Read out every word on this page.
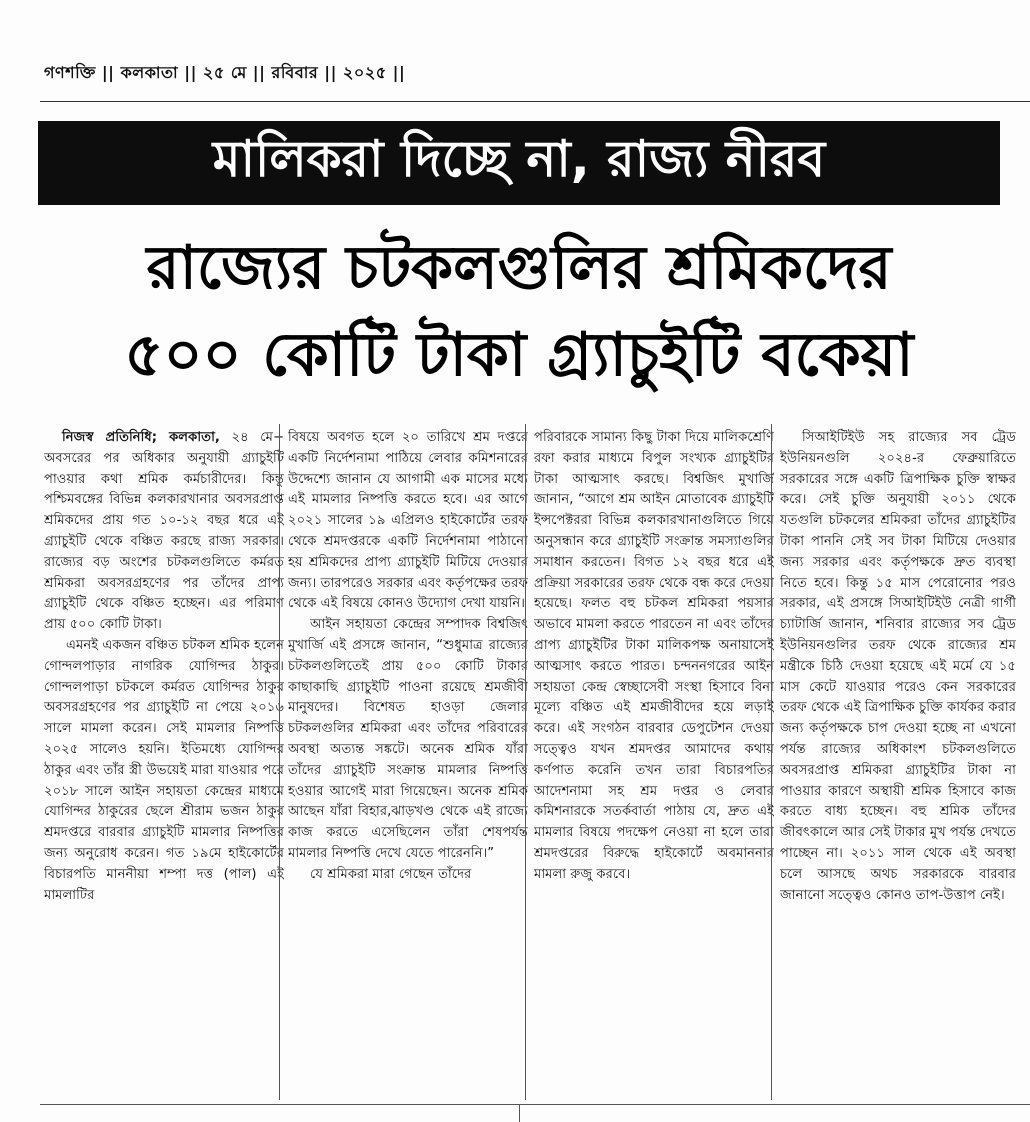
গণশক্তি || কলকাতা || ২৫ মে || রবিবার || ২০২৫ ||
মালিকরা দিচ্ছে না, রাজ্য নীরব
রাজ্যের চটকলগুলির শ্রমিকদের
৫০০ কোটি টাকা গ্র্যাচুইটি বকেয়া

নিজস্ব প্রতিনিধি; কলকাতা, ২৪ মে− অবসরের পর অধিকার অনুযায়ী গ্র্যাচুইটি পাওয়ার কথা শ্রমিক কর্মচারীদের। কিন্তু পশ্চিমবঙ্গের বিভিন্ন কলকারখানার অবসরপ্রাপ্ত শ্রমিকদের প্রায় গত ১০-১২ বছর ধরে এই গ্র্যাচুইটি থেকে বঞ্চিত করছে রাজ্য সরকার। রাজ্যের বড় অংশের চটকলগুলিতে কর্মরত শ্রমিকরা অবসরগ্রহণের পর তাঁদের প্রাপ্য গ্র্যাচুইটি থেকে বঞ্চিত হচ্ছেন। এর পরিমাণ প্রায় ৫০০ কোটি টাকা।

এমনই একজন বঞ্চিত চটকল শ্রমিক হলেন গোন্দলপাড়ার নাগরিক যোগিন্দর ঠাকুর। গোন্দলপাড়া চটকলে কর্মরত যোগিন্দর ঠাকুর অবসরগ্রহণের পর গ্র্যাচুইটি না পেয়ে ২০১৬ সালে মামলা করেন। সেই মামলার নিষ্পত্তি ২০২৫ সালেও হয়নি। ইতিমধ্যে যোগিন্দর ঠাকুর এবং তাঁর স্ত্রী উভয়েই মারা যাওয়ার পরে ২০১৮ সালে আইন সহায়তা কেন্দ্রের মাধ্যমে যোগিন্দর ঠাকুরের ছেলে শ্রীরাম ভজন ঠাকুর শ্রমদপ্তরে বারবার গ্র্যাচুইটি মামলার নিষ্পত্তির জন্য অনুরোধ করেন। গত ১৯মে হাইকোর্টের বিচারপতি মাননীয়া শম্পা দত্ত (পাল) এই মামলাটির

বিষয়ে অবগত হলে ২০ তারিখে শ্রম দপ্তরে একটি নির্দেশনামা পাঠিয়ে লেবার কমিশনারের উদ্দেশ্যে জানান যে আগামী এক মাসের মধ্যে এই মামলার নিষ্পত্তি করতে হবে। এর আগে ২০২১ সালের ১৯ এপ্রিলও হাইকোর্টের তরফ থেকে শ্রমদপ্তরকে একটি নির্দেশনামা পাঠানো হয় শ্রমিকদের প্রাপ্য গ্র্যাচুইটি মিটিয়ে দেওয়ার জন্য। তারপরেও সরকার এবং কর্তৃপক্ষের তরফ থেকে এই বিষয়ে কোনও উদ্যোগ দেখা যায়নি।

আইন সহায়তা কেন্দ্রের সম্পাদক বিশ্বজিৎ মুখার্জি এই প্রসঙ্গে জানান, “শুধুমাত্র রাজ্যের চটকলগুলিতেই প্রায় ৫০০ কোটি টাকার কাছাকাছি গ্র্যাচুইটি পাওনা রয়েছে শ্রমজীবী মানুষদের। বিশেষত হাওড়া জেলার চটকলগুলির শ্রমিকরা এবং তাঁদের পরিবারের অবস্থা অত্যন্ত সঙ্কটে। অনেক শ্রমিক যাঁরা তাঁদের গ্র্যাচুইটি সংক্রান্ত মামলার নিষ্পত্তি হওয়ার আগেই মারা গিয়েছেন। অনেক শ্রমিক আছেন যাঁরা বিহার,ঝাড়খণ্ড থেকে এই রাজ্যে কাজ করতে এসেছিলেন তাঁরা শেষপর্যন্ত মামলার নিষ্পত্তি দেখে যেতে পারেননি।”

যে শ্রমিকরা মারা গেছেন তাঁদের

পরিবারকে সামান্য কিছু টাকা দিয়ে মালিকশ্রেণি রফা করার মাধ্যমে বিপুল সংখ্যক গ্র্যাচুইটির টাকা আত্মসাৎ করছে। বিশ্বজিৎ মুখার্জি জানান, “আগে শ্রম আইন মোতাবেক গ্র্যাচুইটি ইন্সপেক্টররা বিভিন্ন কলকারখানাগুলিতে গিয়ে অনুসন্ধান করে গ্র্যাচুইটি সংক্রান্ত সমস্যাগুলির সমাধান করতেন। বিগত ১২ বছর ধরে এই প্রক্রিয়া সরকারের তরফ থেকে বন্ধ করে দেওয়া হয়েছে। ফলত বহু চটকল শ্রমিকরা পয়সার অভাবে মামলা করতে পারতেন না এবং তাঁদের প্রাপ্য গ্র্যাচুইটির টাকা মালিকপক্ষ অনায়াসেই আত্মসাৎ করতে পারত। চন্দননগরের আইন সহায়তা কেন্দ্র স্বেচ্ছাসেবী সংস্থা হিসাবে বিনা মূল্যে বঞ্চিত এই শ্রমজীবীদের হয়ে লড়াই করে। এই সংগঠন বারবার ডেপুটেশন দেওয়া সত্ত্বেও যখন শ্রমদপ্তর আমাদের কথায় কর্ণপাত করেনি তখন তারা বিচারপতির আদেশনামা সহ শ্রম দপ্তর ও লেবার কমিশনারকে সতর্কবার্তা পাঠায় যে, দ্রুত এই মামলার বিষয়ে পদক্ষেপ নেওয়া না হলে তারা শ্রমদপ্তরের বিরুদ্ধে হাইকোর্টে অবমাননার মামলা রুজু করবে।

সিআইটিইউ সহ রাজ্যের সব ট্রেড ইউনিয়নগুলি ২০২৪-র ফেব্রুয়ারিতে সরকারের সঙ্গে একটি ত্রিপাক্ষিক চুক্তি স্বাক্ষর করে। সেই চুক্তি অনুযায়ী ২০১১ থেকে যতগুলি চটকলের শ্রমিকরা তাঁদের গ্র্যাচুইটির টাকা পাননি সেই সব টাকা মিটিয়ে দেওয়ার জন্য সরকার এবং কর্তৃপক্ষকে দ্রুত ব্যবস্থা নিতে হবে। কিন্তু ১৫ মাস পেরোনোর পরও সরকার, এই প্রসঙ্গে সিআইটিইউ নেত্রী গার্গী চ্যাটার্জি জানান, শনিবার রাজ্যের সব ট্রেড ইউনিয়নগুলির তরফ থেকে রাজ্যের শ্রম মন্ত্রীকে চিঠি দেওয়া হয়েছে এই মর্মে যে ১৫ মাস কেটে যাওয়ার পরেও কেন সরকারের তরফ থেকে এই ত্রিপাক্ষিক চুক্তি কার্যকর করার জন্য কর্তৃপক্ষকে চাপ দেওয়া হচ্ছে না এখনো পর্যন্ত রাজ্যের অধিকাংশ চটকলগুলিতে অবসরপ্রাপ্ত শ্রমিকরা গ্র্যাচুইটির টাকা না পাওয়ার কারণে অস্থায়ী শ্রমিক হিসাবে কাজ করতে বাধ্য হচ্ছেন। বহু শ্রমিক তাঁদের জীবৎকালে আর সেই টাকার মুখ পর্যন্ত দেখতে পাচ্ছেন না। ২০১১ সাল থেকে এই অবস্থা চলে আসছে অথচ সরকারকে বারবার জানানো সত্ত্বেও কোনও তাপ-উত্তাপ নেই।
